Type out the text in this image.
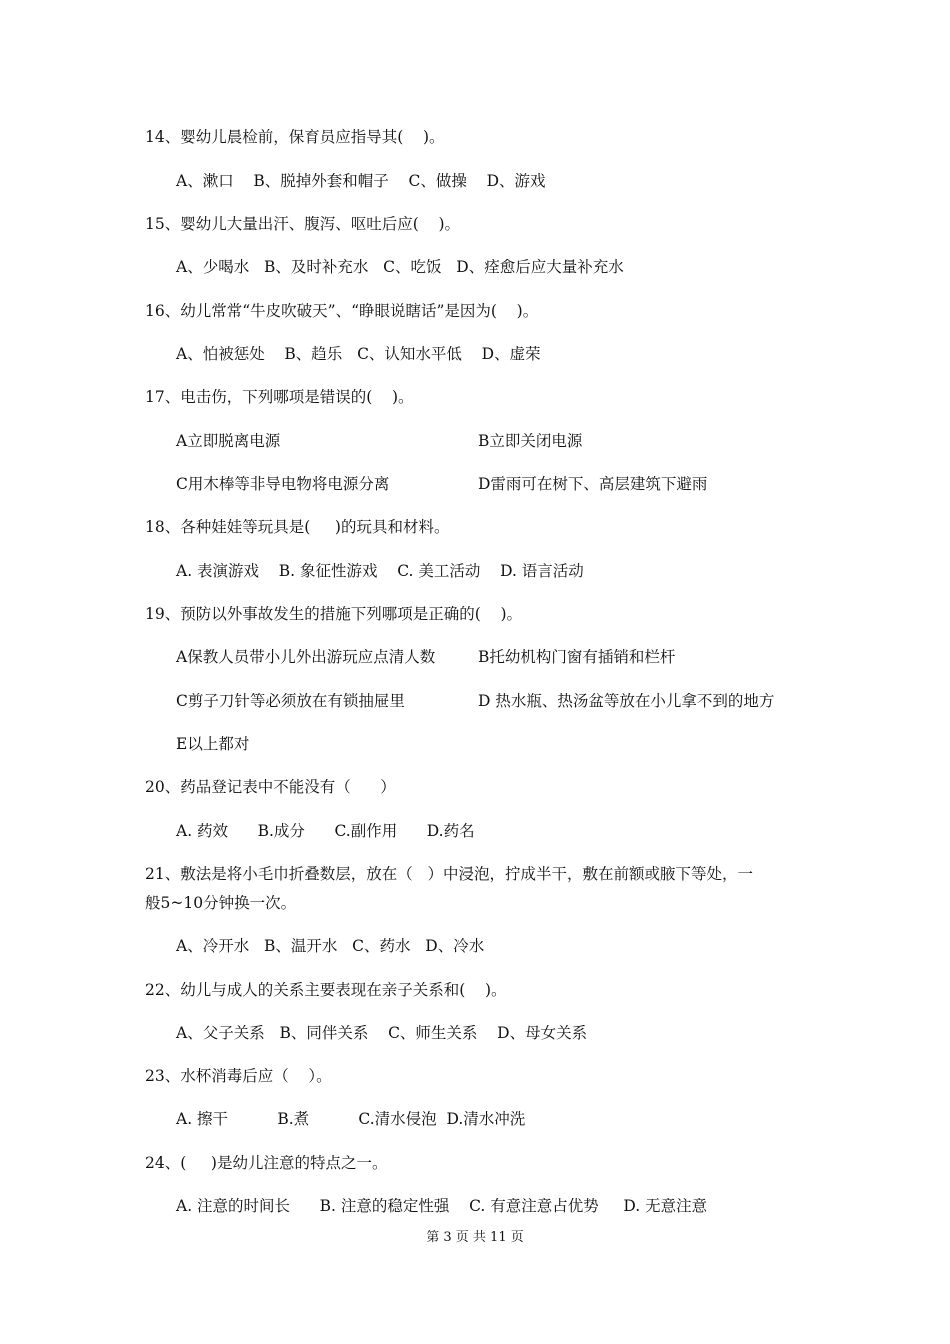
14、婴幼儿晨检前，保育员应指导其(    )。
A、漱口    B、脱掉外套和帽子    C、做操    D、游戏
15、婴幼儿大量出汗、腹泻、呕吐后应(    )。
A、少喝水   B、及时补充水   C、吃饭   D、痊愈后应大量补充水
16、幼儿常常“牛皮吹破天”、“睁眼说瞎话”是因为(    )。
A、怕被惩处    B、趋乐   C、认知水平低    D、虚荣
17、电击伤，下列哪项是错误的(    )。
A立即脱离电源	B立即关闭电源
C用木棒等非导电物将电源分离	D雷雨可在树下、高层建筑下避雨
18、各种娃娃等玩具是(     )的玩具和材料。
A. 表演游戏    B. 象征性游戏    C. 美工活动    D. 语言活动
19、预防以外事故发生的措施下列哪项是正确的(    )。
A保教人员带小儿外出游玩应点清人数	B托幼机构门窗有插销和栏杆
C剪子刀针等必须放在有锁抽屉里	D 热水瓶、热汤盆等放在小儿拿不到的地方
E以上都对
20、药品登记表中不能没有（      ）
A. 药效      B.成分      C.副作用      D.药名
21、敷法是将小毛巾折叠数层，放在（   ）中浸泡，拧成半干，敷在前额或腋下等处，一
般5~10分钟换一次。
A、冷开水   B、温开水   C、药水   D、冷水
22、幼儿与成人的关系主要表现在亲子关系和(    )。
A、父子关系   B、同伴关系    C、师生关系    D、母女关系
23、水杯消毒后应（    ）。
A. 擦干          B.煮          C.清水侵泡  D.清水冲洗
24、(     )是幼儿注意的特点之一。
A. 注意的时间长      B. 注意的稳定性强    C. 有意注意占优势     D. 无意注意
第 3 页 共 11 页
